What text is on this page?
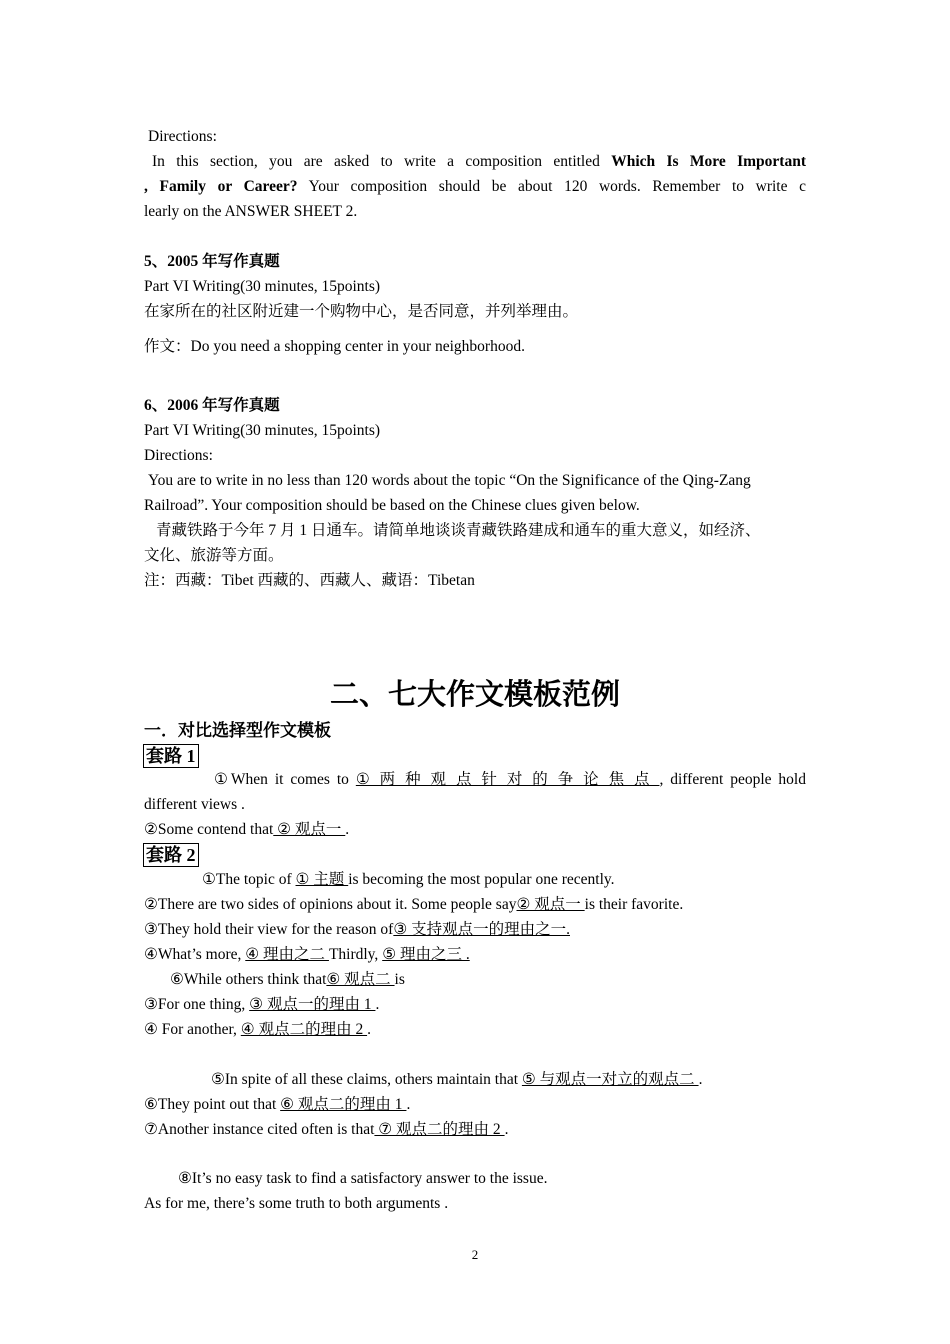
Directions:
In this section, you are asked to write a composition entitled Which Is More Important
, Family or Career? Your composition should be about 120 words. Remember to write c
learly on the ANSWER SHEET 2.
5、2005 年写作真题
Part VI Writing(30 minutes, 15points)
在家所在的社区附近建一个购物中心，是否同意，并列举理由。
作文：Do you need a shopping center in your neighborhood.
6、2006 年写作真题
Part VI Writing(30 minutes, 15points)
Directions:
You are to write in no less than 120 words about the topic “On the Significance of the Qing-Zang
Railroad”. Your composition should be based on the Chinese clues given below.
青藏铁路于今年 7 月 1 日通车。请简单地谈谈青藏铁路建成和通车的重大意义，如经济、
文化、旅游等方面。
注：西藏：Tibet 西藏的、西藏人、藏语：Tibetan
二、七大作文模板范例
一．对比选择型作文模板
套路 1
①When it comes to ① 两 种 观 点 针 对 的 争 论 焦 点 , different people hold
different views .
②Some contend that ② 观点一 .
套路 2
①The topic of ① 主题 is becoming the most popular one recently.
②There are two sides of opinions about it. Some people say② 观点一 is their favorite.
③They hold their view for the reason of③ 支持观点一的理由之一.
④What’s more, ④ 理由之二 Thirdly, ⑤ 理由之三 .
⑥While others think that⑥ 观点二 is
③For one thing, ③ 观点一的理由 1 .
④ For another, ④ 观点二的理由 2 .
⑤In spite of all these claims, others maintain that ⑤ 与观点一对立的观点二 .
⑥They point out that ⑥ 观点二的理由 1 .
⑦Another instance cited often is that ⑦ 观点二的理由 2 .
⑧It’s no easy task to find a satisfactory answer to the issue.
As for me, there’s some truth to both arguments .
2
